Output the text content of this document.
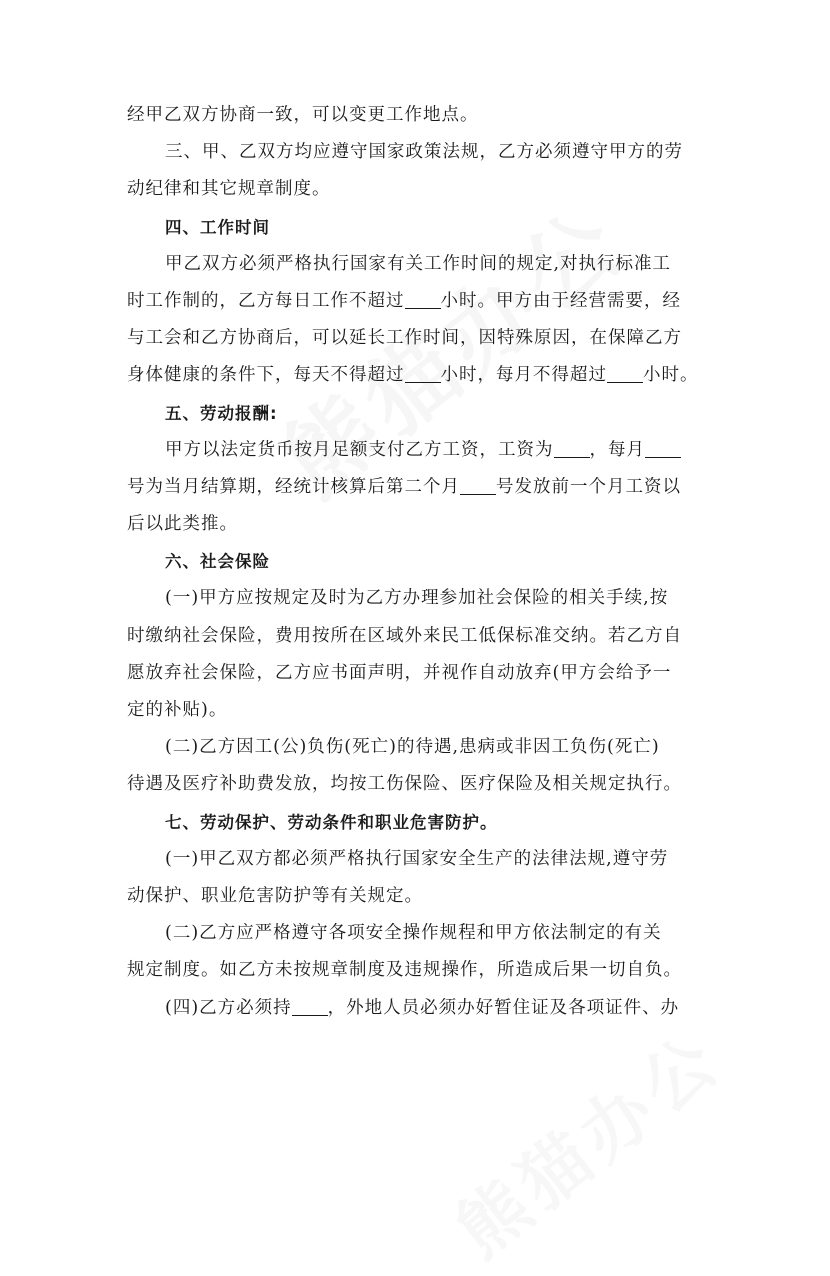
经甲乙双方协商一致，可以变更工作地点。
三、甲、乙双方均应遵守国家政策法规，乙方必须遵守甲方的劳
动纪律和其它规章制度。
四、工作时间
甲乙双方必须严格执行国家有关工作时间的规定,对执行标准工
时工作制的，乙方每日工作不超过 小时。甲方由于经营需要，经
与工会和乙方协商后，可以延长工作时间，因特殊原因，在保障乙方
身体健康的条件下，每天不得超过 小时，每月不得超过 小时。
五、劳动报酬:
甲方以法定货币按月足额支付乙方工资，工资为 ，每月
号为当月结算期，经统计核算后第二个月 号发放前一个月工资以
后以此类推。
六、社会保险
(一)甲方应按规定及时为乙方办理参加社会保险的相关手续,按
时缴纳社会保险，费用按所在区域外来民工低保标准交纳。若乙方自
愿放弃社会保险，乙方应书面声明，并视作自动放弃(甲方会给予一
定的补贴)。
(二)乙方因工(公)负伤(死亡)的待遇,患病或非因工负伤(死亡)
待遇及医疗补助费发放，均按工伤保险、医疗保险及相关规定执行。
七、劳动保护、劳动条件和职业危害防护。
(一)甲乙双方都必须严格执行国家安全生产的法律法规,遵守劳
动保护、职业危害防护等有关规定。
(二)乙方应严格遵守各项安全操作规程和甲方依法制定的有关
规定制度。如乙方未按规章制度及违规操作，所造成后果一切自负。
(四)乙方必须持 ，外地人员必须办好暂住证及各项证件、办
